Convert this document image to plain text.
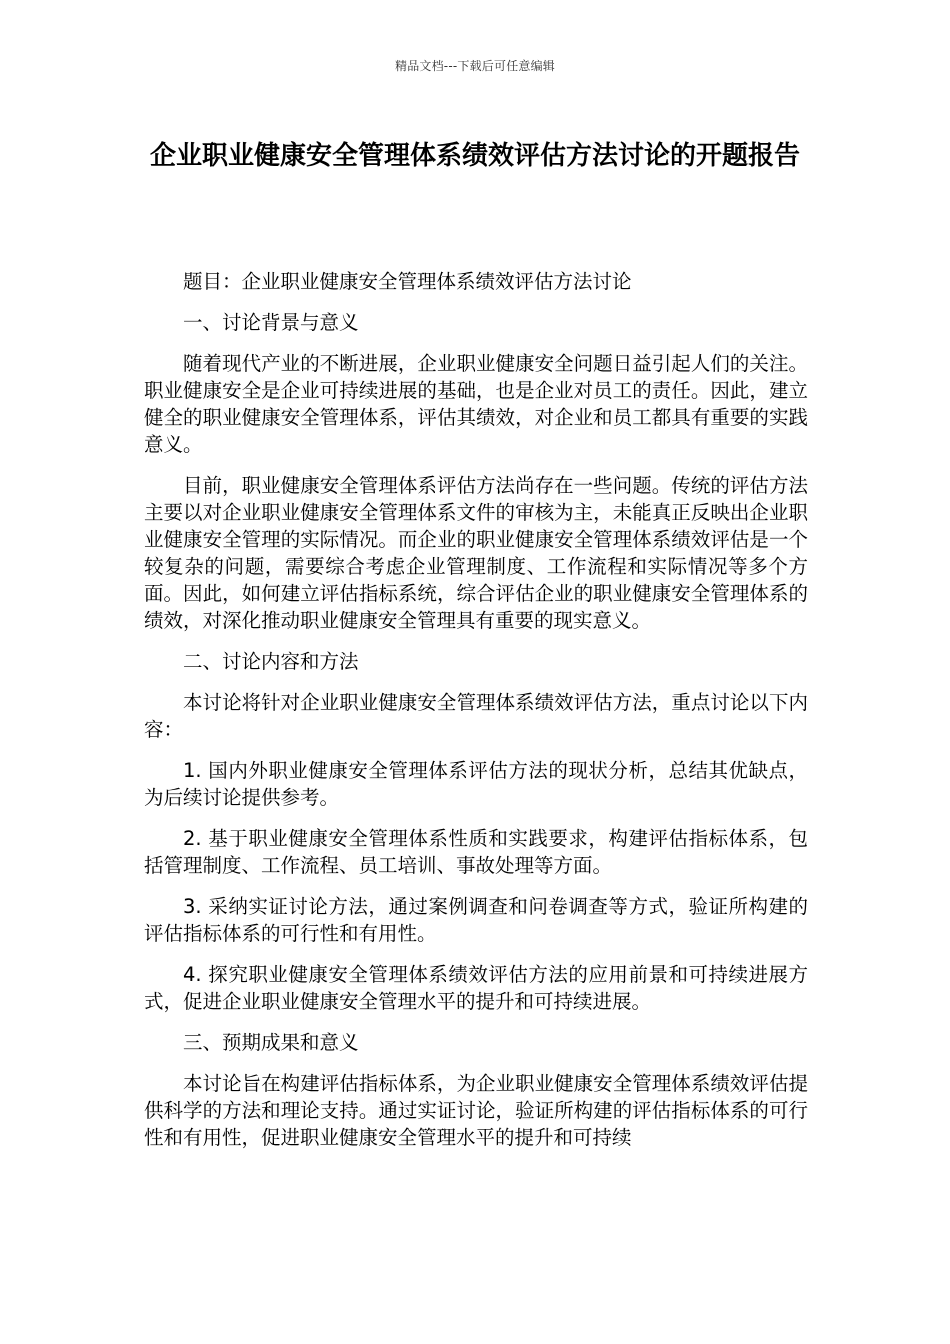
精品文档---下载后可任意编辑
企业职业健康安全管理体系绩效评估方法讨论的开题报告

题目：企业职业健康安全管理体系绩效评估方法讨论

一、讨论背景与意义

随着现代产业的不断进展，企业职业健康安全问题日益引起人们的关注。职业健康安全是企业可持续进展的基础，也是企业对员工的责任。因此，建立健全的职业健康安全管理体系，评估其绩效，对企业和员工都具有重要的实践意义。

目前，职业健康安全管理体系评估方法尚存在一些问题。传统的评估方法主要以对企业职业健康安全管理体系文件的审核为主，未能真正反映出企业职业健康安全管理的实际情况。而企业的职业健康安全管理体系绩效评估是一个较复杂的问题，需要综合考虑企业管理制度、工作流程和实际情况等多个方面。因此，如何建立评估指标系统，综合评估企业的职业健康安全管理体系的绩效，对深化推动职业健康安全管理具有重要的现实意义。

二、讨论内容和方法

本讨论将针对企业职业健康安全管理体系绩效评估方法，重点讨论以下内容：

1. 国内外职业健康安全管理体系评估方法的现状分析，总结其优缺点，为后续讨论提供参考。

2. 基于职业健康安全管理体系性质和实践要求，构建评估指标体系，包括管理制度、工作流程、员工培训、事故处理等方面。

3. 采纳实证讨论方法，通过案例调查和问卷调查等方式，验证所构建的评估指标体系的可行性和有用性。

4. 探究职业健康安全管理体系绩效评估方法的应用前景和可持续进展方式，促进企业职业健康安全管理水平的提升和可持续进展。

三、预期成果和意义

本讨论旨在构建评估指标体系，为企业职业健康安全管理体系绩效评估提供科学的方法和理论支持。通过实证讨论，验证所构建的评估指标体系的可行性和有用性，促进职业健康安全管理水平的提升和可持续
